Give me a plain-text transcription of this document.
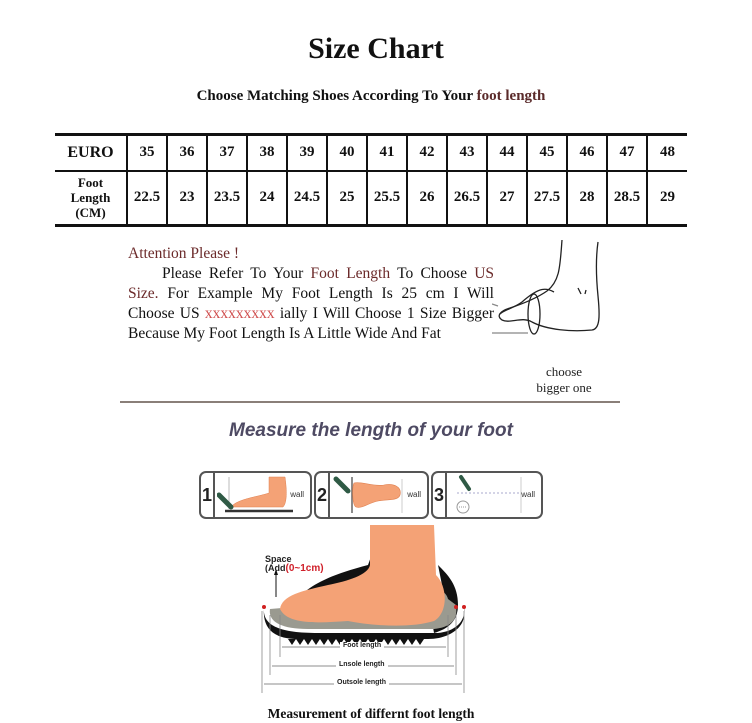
Size Chart
Choose Matching Shoes According To Your foot length
EURO	35	36	37	38	39	40	41	42	43	44	45	46	47	48
Foot
Length
(CM)	22.5	23	23.5	24	24.5	25	25.5	26	26.5	27	27.5	28	28.5	29

Attention Please !

Please Refer To Your Foot Length To Choose US Size. For Example My Foot Length Is 25 cm I Will Choose US xxxxxxxxx ially I Will Choose 1 Size Bigger Because My Foot Length Is A Little Wide And Fat

choose
bigger one
Measure the length of your foot
1	wall 2	wall 3	wall
Space
(Add(0~1cm)
Foot length
Lnsole length
Outsole length
Measurement of differnt foot length
